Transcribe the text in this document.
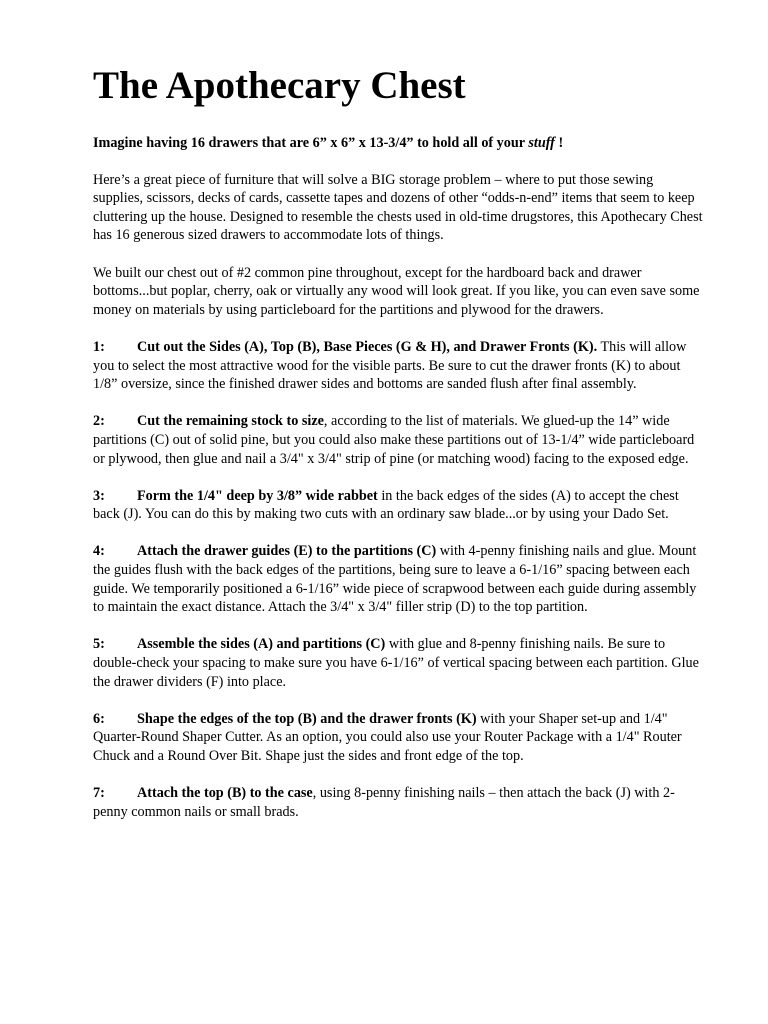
The Apothecary Chest

Imagine having 16 drawers that are 6” x 6” x 13-3/4” to hold all of your stuff !

Here’s a great piece of furniture that will solve a BIG storage problem – where to put those sewing supplies, scissors, decks of cards, cassette tapes and dozens of other “odds-n-end” items that seem to keep cluttering up the house. Designed to resemble the chests used in old-time drugstores, this Apothecary Chest has 16 generous sized drawers to accommodate lots of things.

We built our chest out of #2 common pine throughout, except for the hardboard back and drawer bottoms...but poplar, cherry, oak or virtually any wood will look great. If you like, you can even save some money on materials by using particleboard for the partitions and plywood for the drawers.

1: Cut out the Sides (A), Top (B), Base Pieces (G & H), and Drawer Fronts (K). This will allow you to select the most attractive wood for the visible parts. Be sure to cut the drawer fronts (K) to about 1/8” oversize, since the finished drawer sides and bottoms are sanded flush after final assembly.

2: Cut the remaining stock to size, according to the list of materials. We glued-up the 14” wide partitions (C) out of solid pine, but you could also make these partitions out of 13-1/4” wide particleboard or plywood, then glue and nail a 3/4" x 3/4" strip of pine (or matching wood) facing to the exposed edge.

3: Form the 1/4" deep by 3/8” wide rabbet in the back edges of the sides (A) to accept the chest back (J). You can do this by making two cuts with an ordinary saw blade...or by using your Dado Set.

4: Attach the drawer guides (E) to the partitions (C) with 4-penny finishing nails and glue. Mount the guides flush with the back edges of the partitions, being sure to leave a 6-1/16” spacing between each guide. We temporarily positioned a 6-1/16” wide piece of scrapwood between each guide during assembly to maintain the exact distance. Attach the 3/4" x 3/4" filler strip (D) to the top partition.

5: Assemble the sides (A) and partitions (C) with glue and 8-penny finishing nails. Be sure to double-check your spacing to make sure you have 6-1/16” of vertical spacing between each partition. Glue the drawer dividers (F) into place.

6: Shape the edges of the top (B) and the drawer fronts (K) with your Shaper set-up and 1/4" Quarter-Round Shaper Cutter. As an option, you could also use your Router Package with a 1/4" Router Chuck and a Round Over Bit. Shape just the sides and front edge of the top.

7: Attach the top (B) to the case, using 8-penny finishing nails – then attach the back (J) with 2-penny common nails or small brads.
